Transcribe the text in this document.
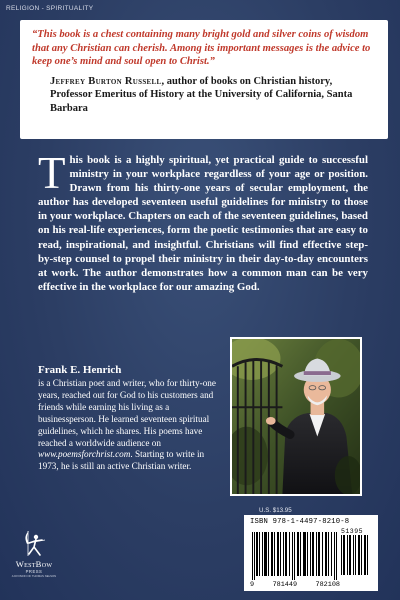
RELIGION - SPIRITUALITY

“This book is a chest containing many bright gold and silver coins of wisdom that any Christian can cherish. Among its important messages is the advice to keep one’s mind and soul open to Christ.”

Jeffrey Burton Russell, author of books on Christian history, Professor Emeritus of History at the University of California, Santa Barbara

This book is a highly spiritual, yet practical guide to successful ministry in your workplace regardless of your age or position. Drawn from his thirty-one years of secular employment, the author has developed seventeen useful guidelines for ministry to those in your workplace. Chapters on each of the seventeen guidelines, based on his real-life experiences, form the poetic testimonies that are easy to read, inspirational, and insightful. Christians will find effective step-by-step counsel to propel their ministry in their day-to-day encounters at work. The author demonstrates how a common man can be very effective in the workplace for our amazing God.
Frank E. Henrich

is a Christian poet and writer, who for thirty-one years, reached out for God to his customers and friends while earning his living as a businessperson. He learned seventeen spiritual guidelines, which he shares. His poems have reached a worldwide audience on www.poemsforchrist.com. Starting to write in 1973, he is still an active Christian writer.

U.S. $13.95
ISBN 978-1-4497-8210-8
51395
9	781449	782108
WestBow
PRESS
A DIVISION OF THOMAS NELSON
